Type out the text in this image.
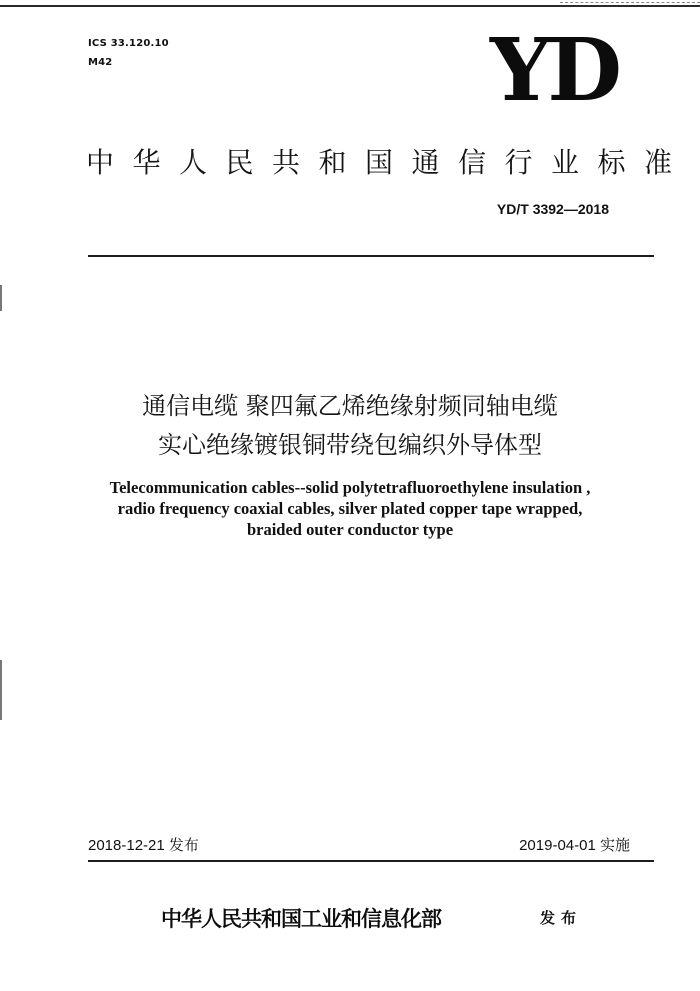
ICS 33.120.10
M42	YD
中华人民共和国通信行业标准
YD/T 3392—2018
通信电缆 聚四氟乙烯绝缘射频同轴电缆
实心绝缘镀银铜带绕包编织外导体型
Telecommunication cables--solid polytetrafluoroethylene insulation ,
radio frequency coaxial cables, silver plated copper tape wrapped,
braided outer conductor type
2018-12-21 发布	2019-04-01 实施
中华人民共和国工业和信息化部	发布
